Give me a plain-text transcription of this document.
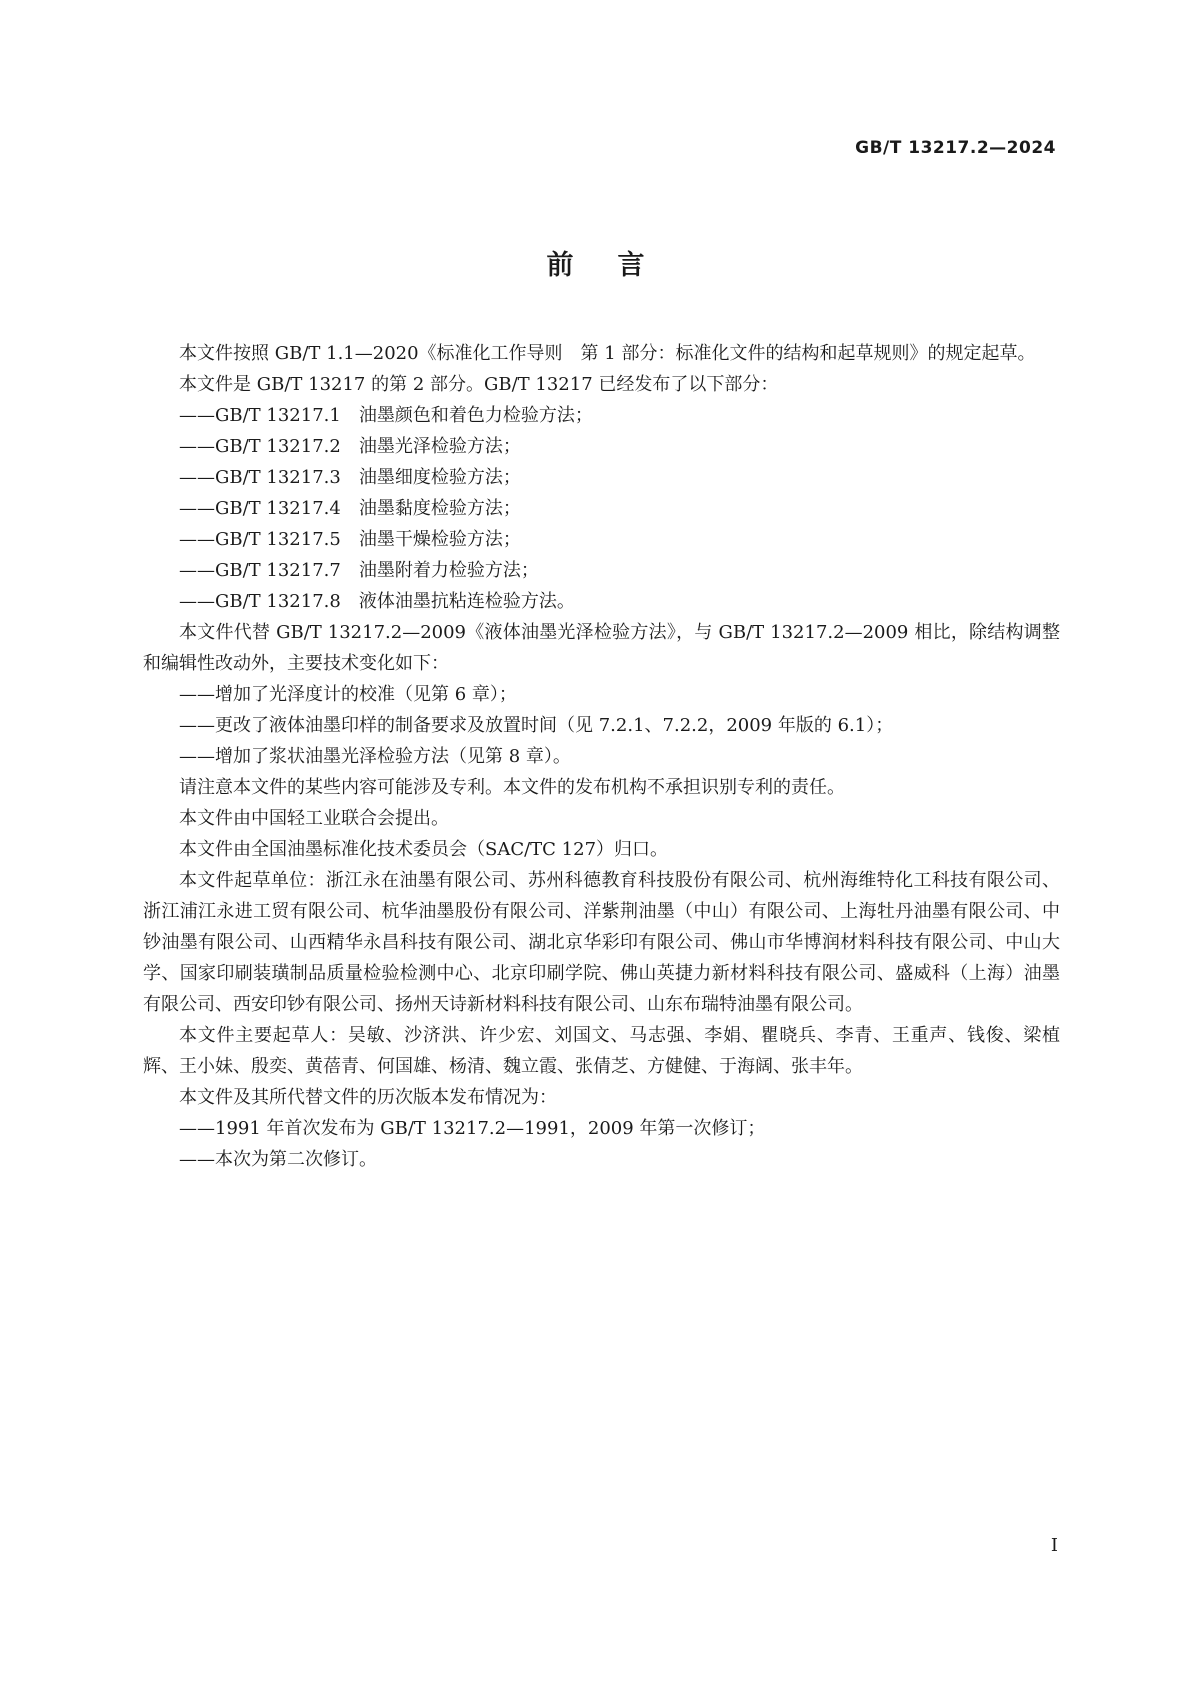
GB/T 13217.2—2024
前言

本文件按照 GB/T 1.1—2020《标准化工作导则　第 1 部分：标准化文件的结构和起草规则》的规定起草。

本文件是 GB/T 13217 的第 2 部分。GB/T 13217 已经发布了以下部分：

——GB/T 13217.1　油墨颜色和着色力检验方法；

——GB/T 13217.2　油墨光泽检验方法；

——GB/T 13217.3　油墨细度检验方法；

——GB/T 13217.4　油墨黏度检验方法；

——GB/T 13217.5　油墨干燥检验方法；

——GB/T 13217.7　油墨附着力检验方法；

——GB/T 13217.8　液体油墨抗粘连检验方法。

本文件代替 GB/T 13217.2—2009《液体油墨光泽检验方法》，与 GB/T 13217.2—2009 相比，除结构调整和编辑性改动外，主要技术变化如下：

——增加了光泽度计的校准（见第 6 章）；

——更改了液体油墨印样的制备要求及放置时间（见 7.2.1、7.2.2，2009 年版的 6.1）；

——增加了浆状油墨光泽检验方法（见第 8 章）。

请注意本文件的某些内容可能涉及专利。本文件的发布机构不承担识别专利的责任。

本文件由中国轻工业联合会提出。

本文件由全国油墨标准化技术委员会（SAC/TC 127）归口。

本文件起草单位：浙江永在油墨有限公司、苏州科德教育科技股份有限公司、杭州海维特化工科技有限公司、浙江浦江永进工贸有限公司、杭华油墨股份有限公司、洋紫荆油墨（中山）有限公司、上海牡丹油墨有限公司、中钞油墨有限公司、山西精华永昌科技有限公司、湖北京华彩印有限公司、佛山市华博润材料科技有限公司、中山大学、国家印刷装璜制品质量检验检测中心、北京印刷学院、佛山英捷力新材料科技有限公司、盛威科（上海）油墨有限公司、西安印钞有限公司、扬州天诗新材料科技有限公司、山东布瑞特油墨有限公司。

本文件主要起草人：吴敏、沙济洪、许少宏、刘国文、马志强、李娟、瞿晓兵、李青、王重声、钱俊、梁植辉、王小妹、殷奕、黄蓓青、何国雄、杨清、魏立霞、张倩芝、方健健、于海阔、张丰年。

本文件及其所代替文件的历次版本发布情况为：

——1991 年首次发布为 GB/T 13217.2—1991，2009 年第一次修订；

——本次为第二次修订。

I
